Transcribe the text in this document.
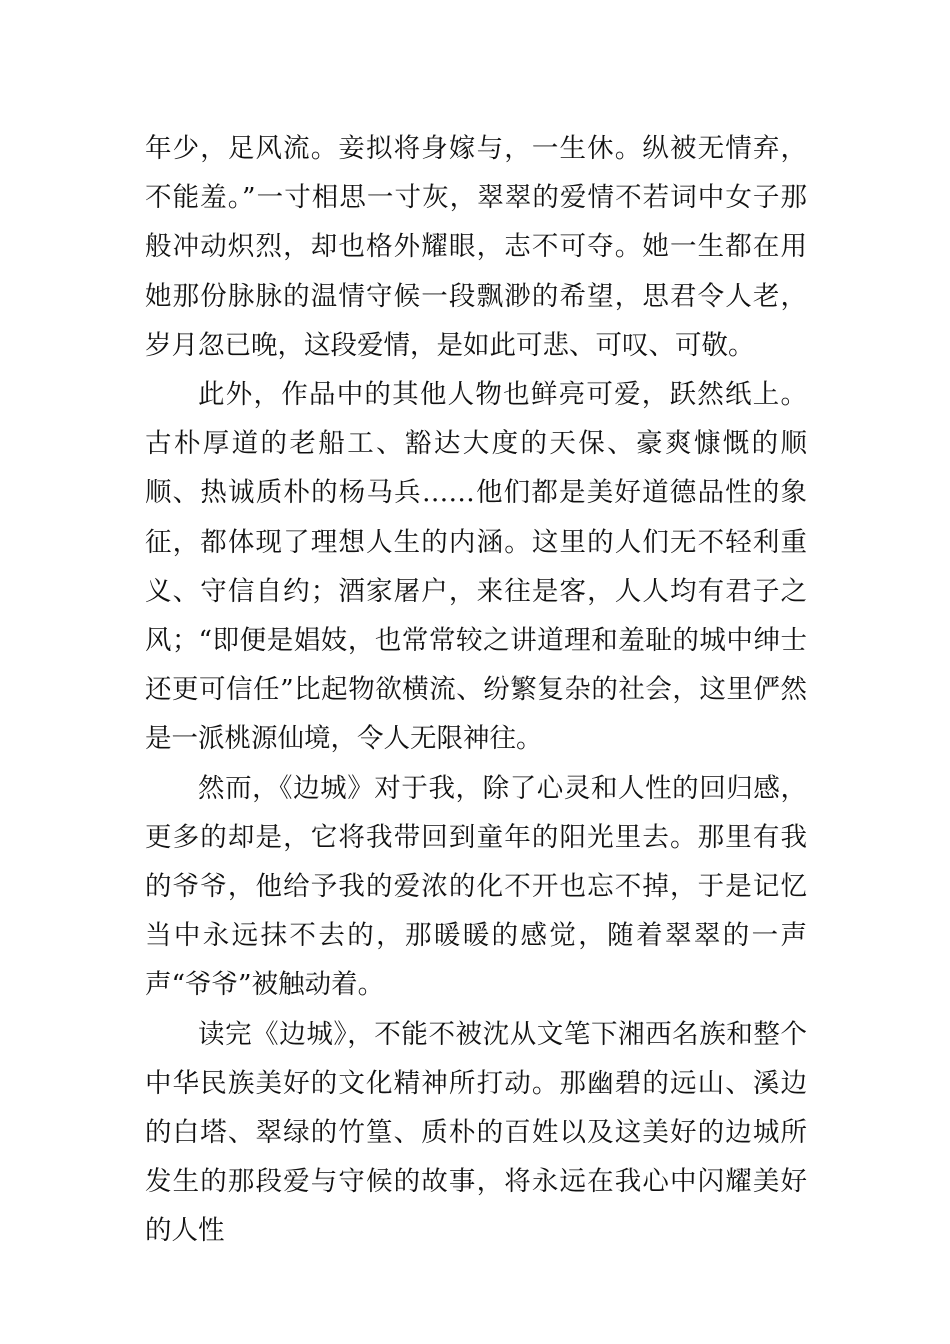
年少，足风流。妾拟将身嫁与，一生休。纵被无情弃，不能羞。”一寸相思一寸灰，翠翠的爱情不若词中女子那般冲动炽烈，却也格外耀眼，志不可夺。她一生都在用她那份脉脉的温情守候一段飘渺的希望，思君令人老，岁月忽已晚，这段爱情，是如此可悲、可叹、可敬。

此外，作品中的其他人物也鲜亮可爱，跃然纸上。古朴厚道的老船工、豁达大度的天保、豪爽慷慨的顺顺、热诚质朴的杨马兵……他们都是美好道德品性的象征，都体现了理想人生的内涵。这里的人们无不轻利重义、守信自约；酒家屠户，来往是客，人人均有君子之风；“即便是娼妓，也常常较之讲道理和羞耻的城中绅士还更可信任”比起物欲横流、纷繁复杂的社会，这里俨然是一派桃源仙境，令人无限神往。

然而，《边城》对于我，除了心灵和人性的回归感，更多的却是，它将我带回到童年的阳光里去。那里有我的爷爷，他给予我的爱浓的化不开也忘不掉，于是记忆当中永远抹不去的，那暖暖的感觉，随着翠翠的一声声“爷爷”被触动着。

读完《边城》，不能不被沈从文笔下湘西名族和整个中华民族美好的文化精神所打动。那幽碧的远山、溪边的白塔、翠绿的竹篁、质朴的百姓以及这美好的边城所发生的那段爱与守候的故事，将永远在我心中闪耀美好的人性
